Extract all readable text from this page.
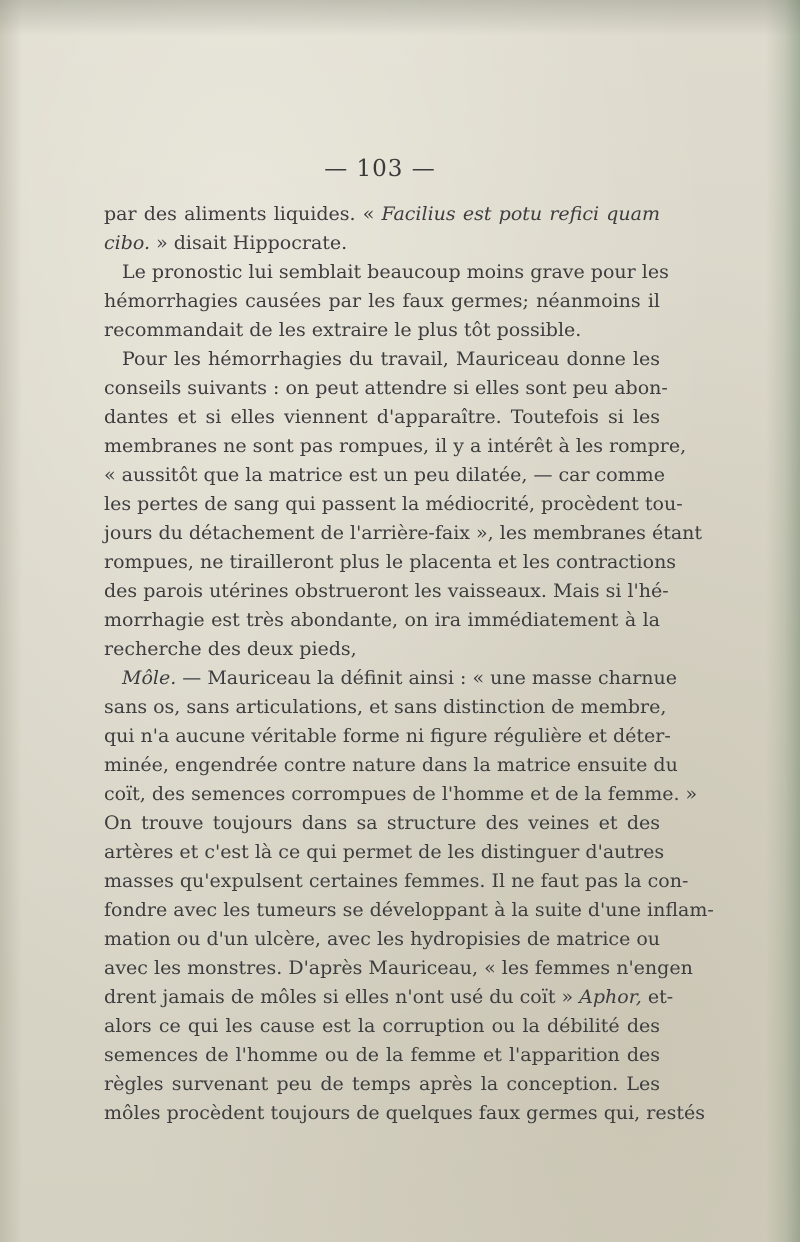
— 103 —
par des aliments liquides. « Facilius est potu refici quam
cibo. » disait Hippocrate.
Le pronostic lui semblait beaucoup moins grave pour les
hémorrhagies causées par les faux germes; néanmoins il
recommandait de les extraire le plus tôt possible.
Pour les hémorrhagies du travail, Mauriceau donne les
conseils suivants : on peut attendre si elles sont peu abon-
dantes et si elles viennent d'apparaître. Toutefois si les
membranes ne sont pas rompues, il y a intérêt à les rompre,
« aussitôt que la matrice est un peu dilatée, — car comme
les pertes de sang qui passent la médiocrité, procèdent tou-
jours du détachement de l'arrière-faix », les membranes étant
rompues, ne tirailleront plus le placenta et les contractions
des parois utérines obstrueront les vaisseaux. Mais si l'hé-
morrhagie est très abondante, on ira immédiatement à la
recherche des deux pieds,
Môle. — Mauriceau la définit ainsi : « une masse charnue
sans os, sans articulations, et sans distinction de membre,
qui n'a aucune véritable forme ni figure régulière et déter-
minée, engendrée contre nature dans la matrice ensuite du
coït, des semences corrompues de l'homme et de la femme. »
On trouve toujours dans sa structure des veines et des
artères et c'est là ce qui permet de les distinguer d'autres
masses qu'expulsent certaines femmes. Il ne faut pas la con-
fondre avec les tumeurs se développant à la suite d'une inflam-
mation ou d'un ulcère, avec les hydropisies de matrice ou
avec les monstres. D'après Mauriceau, « les femmes n'engen
drent jamais de môles si elles n'ont usé du coït » Aphor, et-
alors ce qui les cause est la corruption ou la débilité des
semences de l'homme ou de la femme et l'apparition des
règles survenant peu de temps après la conception. Les
môles procèdent toujours de quelques faux germes qui, restés
